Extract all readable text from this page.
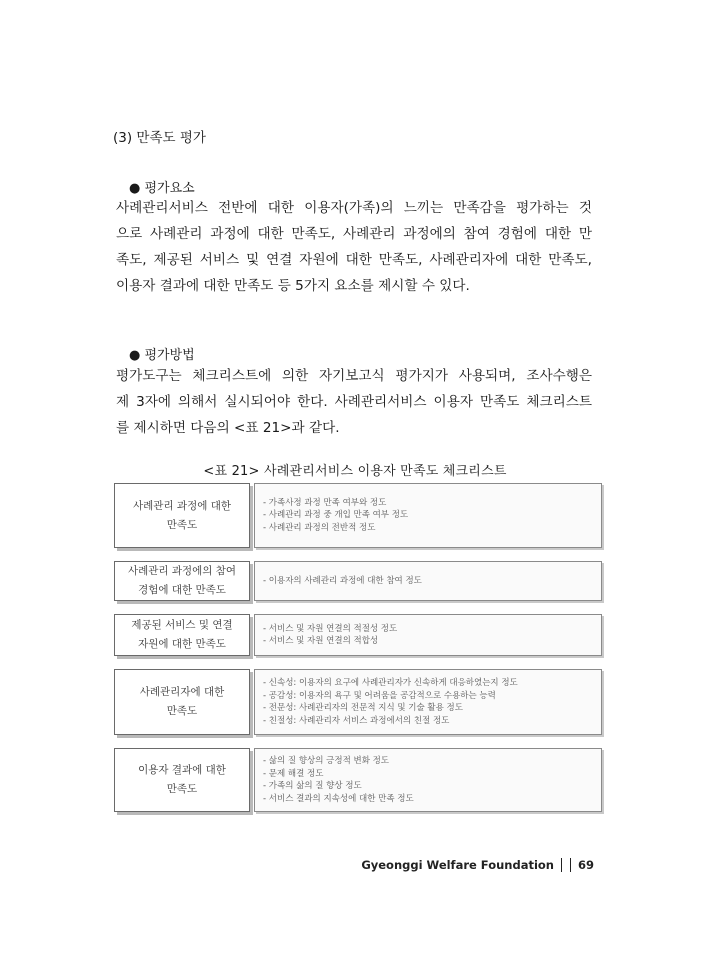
(3) 만족도 평가
● 평가요소
사례관리서비스 전반에 대한 이용자(가족)의 느끼는 만족감을 평가하는 것
으로 사례관리 과정에 대한 만족도, 사례관리 과정에의 참여 경험에 대한 만
족도, 제공된 서비스 및 연결 자원에 대한 만족도, 사례관리자에 대한 만족도,
이용자 결과에 대한 만족도 등 5가지 요소를 제시할 수 있다.
● 평가방법
평가도구는 체크리스트에 의한 자기보고식 평가지가 사용되며, 조사수행은
제 3자에 의해서 실시되어야 한다. 사례관리서비스 이용자 만족도 체크리스트
를 제시하면 다음의 <표 21>과 같다.
<표 21> 사례관리서비스 이용자 만족도 체크리스트
사례관리 과정에 대한
만족도
- 가족사정 과정 만족 여부와 정도
- 사례관리 과정 중 개입 만족 여부 정도
- 사례관리 과정의 전반적 정도
사례관리 과정에의 참여
경험에 대한 만족도
- 이용자의 사례관리 과정에 대한 참여 정도
제공된 서비스 및 연결
자원에 대한 만족도
- 서비스 및 자원 연결의 적절성 정도
- 서비스 및 자원 연결의 적합성
사례관리자에 대한
만족도
- 신속성: 이용자의 요구에 사례관리자가 신속하게 대응하였는지 정도
- 공감성: 이용자의 욕구 및 어려움을 공감적으로 수용하는 능력
- 전문성: 사례관리자의 전문적 지식 및 기술 활용 정도
- 친절성: 사례관리자 서비스 과정에서의 친절 정도
이용자 결과에 대한
만족도
- 삶의 질 향상의 긍정적 변화 정도
- 문제 해결 정도
- 가족의 삶의 질 향상 정도
- 서비스 결과의 지속성에 대한 만족 정도
Gyeonggi Welfare Foundation 69
